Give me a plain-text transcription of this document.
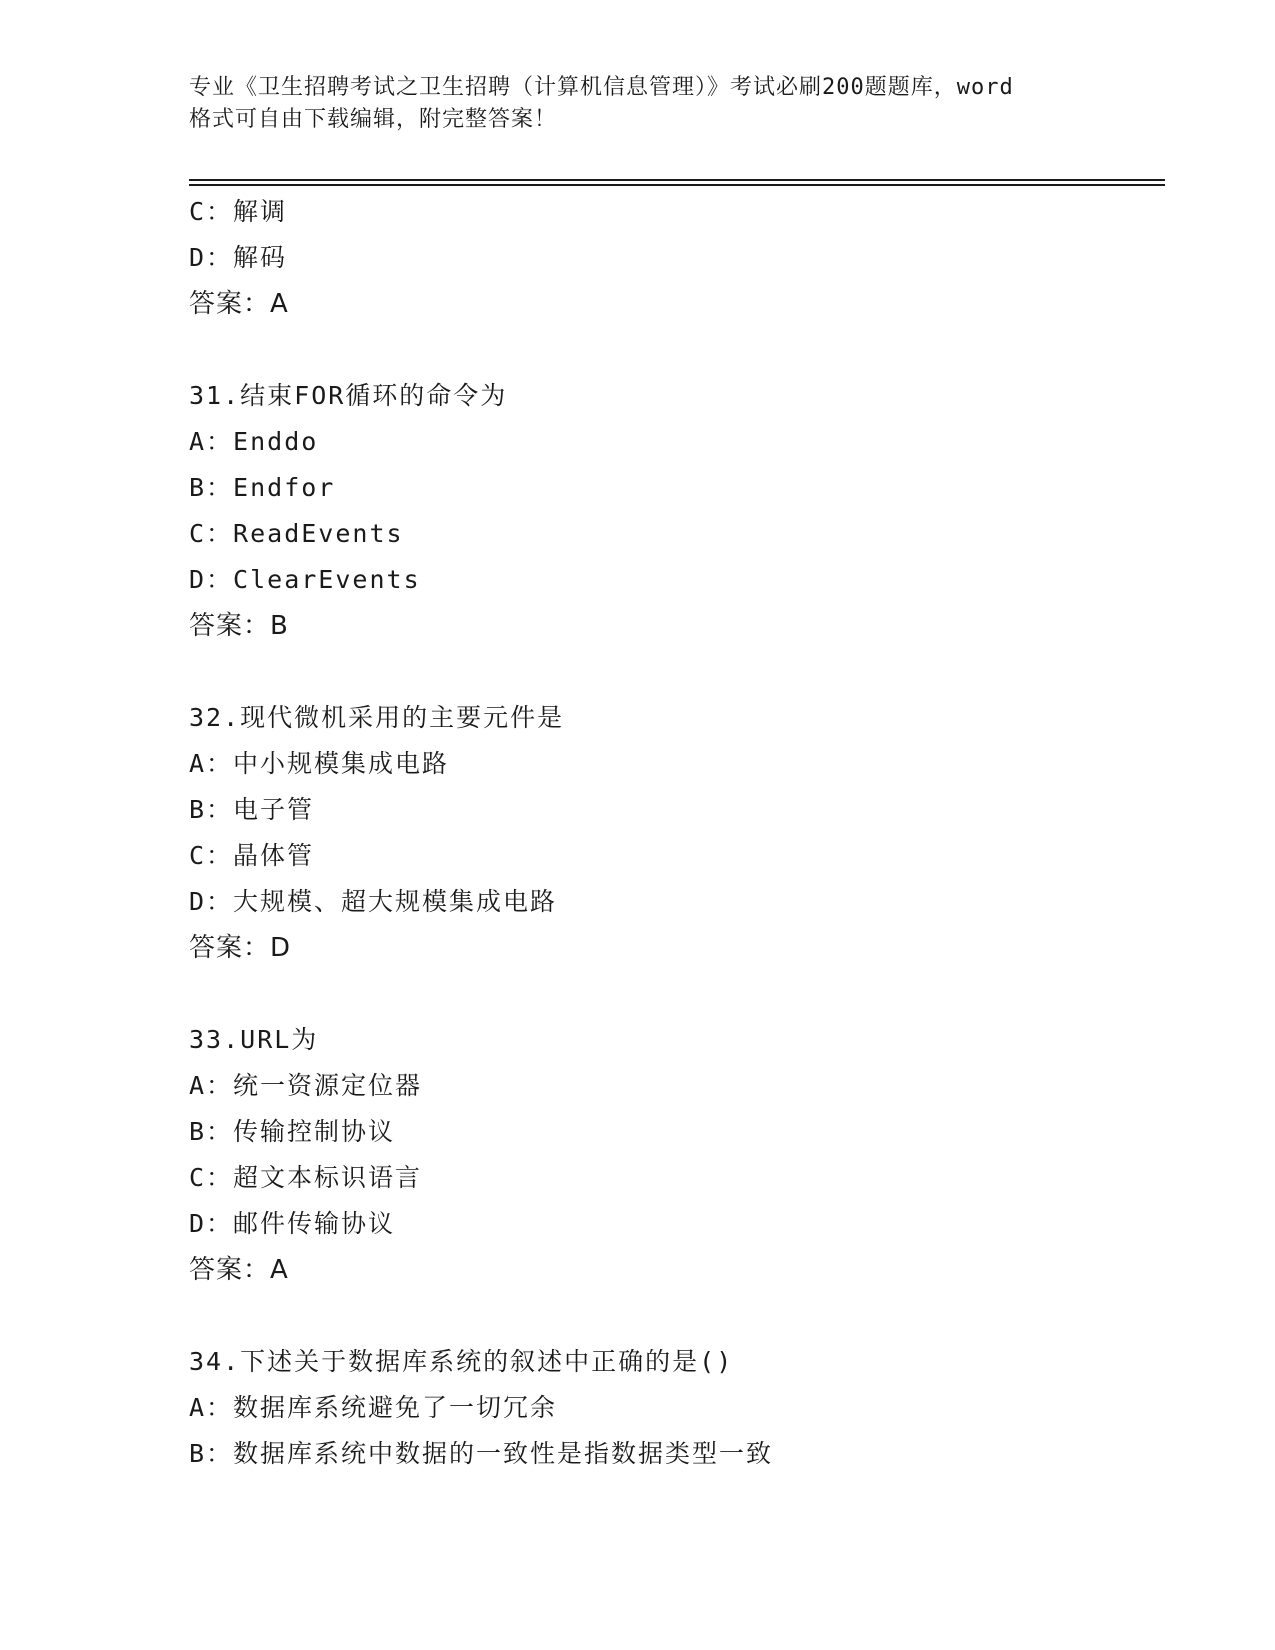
专业《卫生招聘考试之卫生招聘（计算机信息管理）》考试必刷200题题库，word
格式可自由下载编辑，附完整答案！
C：解调
D：解码
答案：A
31.结束FOR循环的命令为
A：Enddo
B：Endfor
C：ReadEvents
D：ClearEvents
答案：B
32.现代微机采用的主要元件是
A：中小规模集成电路
B：电子管
C：晶体管
D：大规模、超大规模集成电路
答案：D
33.URL为
A：统一资源定位器
B：传输控制协议
C：超文本标识语言
D：邮件传输协议
答案：A
34.下述关于数据库系统的叙述中正确的是()
A：数据库系统避免了一切冗余
B：数据库系统中数据的一致性是指数据类型一致
